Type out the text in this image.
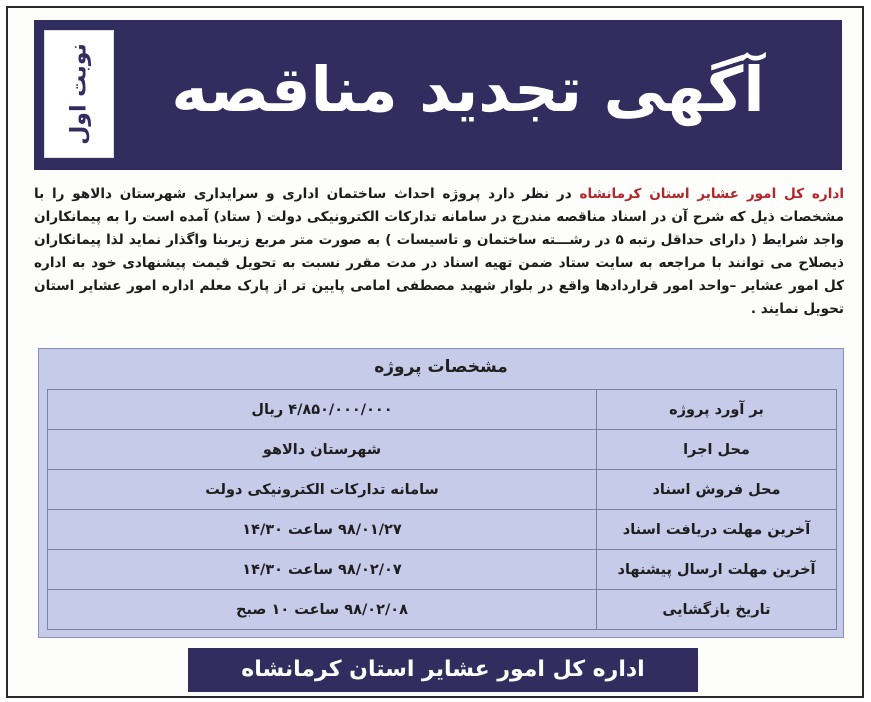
نوبت اول	آگهی تجدید مناقصه
اداره کل امور عشایر استان کرمانشاه در نظر دارد پروژه احداث ساختمان اداری و سرایداری شهرستان دالاهو را با مشخصات ذیل که شرح آن در اسناد مناقصه مندرج در سامانه تدارکات الکترونیکی دولت ( ستاد) آمده است را به پیمانکاران واجد شرایط ( دارای حداقل رتبه ۵ در رشـــته ساختمان و تاسیسات ) به صورت متر مربع زیربنا واگذار نماید لذا پیمانکاران ذیصلاح می توانند با مراجعه به سایت ستاد ضمن تهیه اسناد در مدت مقرر نسبت به تحویل قیمت پیشنهادی خود به اداره کل امور عشایر –واحد امور قراردادها واقع در بلوار شهید مصطفی امامی پایین تر از پارک معلم اداره امور عشایر استان تحویل نمایند .
مشخصات پروژه
بر آورد پروژه	۴/۸۵۰/۰۰۰/۰۰۰ ریال
محل اجرا	شهرستان دالاهو
محل فروش اسناد	سامانه تدارکات الکترونیکی دولت
آخرین مهلت دریافت اسناد	۹۸/۰۱/۲۷ ساعت ۱۴/۳۰
آخرین مهلت ارسال پیشنهاد	۹۸/۰۲/۰۷ ساعت ۱۴/۳۰
تاریخ بازگشایی	۹۸/۰۲/۰۸ ساعت ۱۰ صبح
اداره کل امور عشایر استان کرمانشاه
